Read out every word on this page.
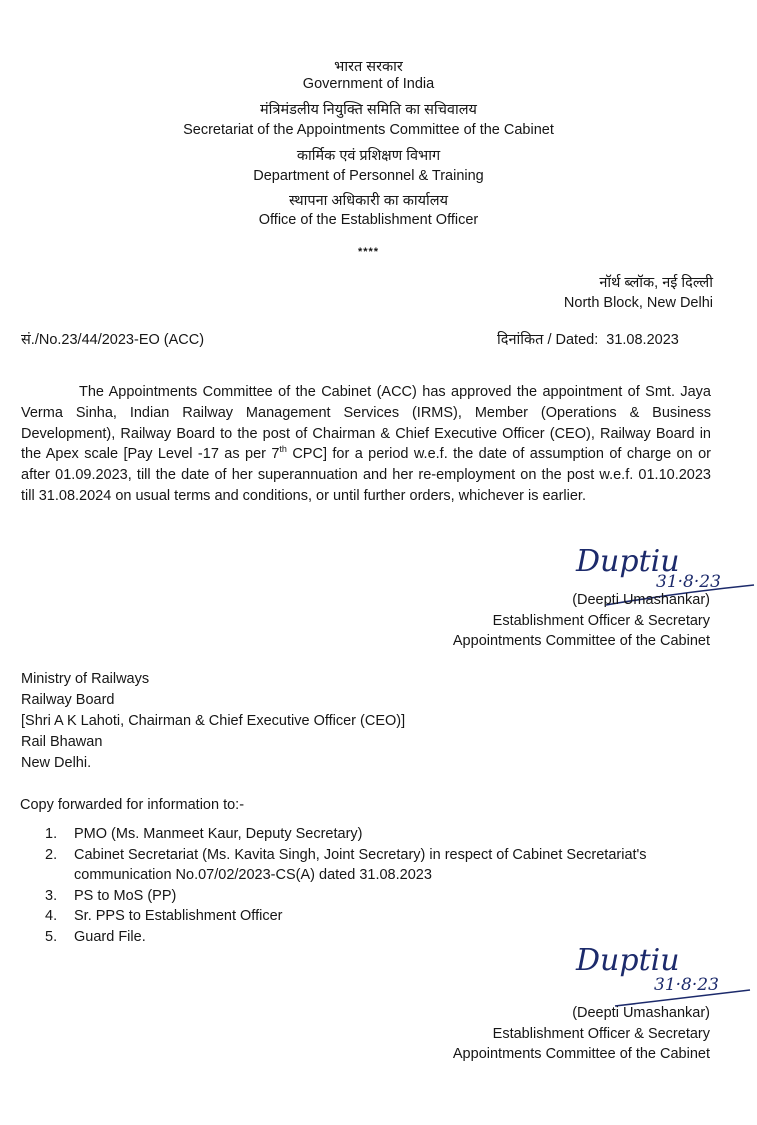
भारत सरकार
Government of India
मंत्रिमंडलीय नियुक्ति समिति का सचिवालय
Secretariat of the Appointments Committee of the Cabinet
कार्मिक एवं प्रशिक्षण विभाग
Department of Personnel & Training
स्थापना अधिकारी का कार्यालय
Office of the Establishment Officer
****
नॉर्थ ब्लॉक, नई दिल्ली
North Block, New Delhi
सं./No.23/44/2023-EO (ACC)	दिनांकित / Dated: 31.08.2023

The Appointments Committee of the Cabinet (ACC) has approved the appointment of Smt. Jaya Verma Sinha, Indian Railway Management Services (IRMS), Member (Operations & Business Development), Railway Board to the post of Chairman & Chief Executive Officer (CEO), Railway Board in the Apex scale [Pay Level -17 as per 7th CPC] for a period w.e.f. the date of assumption of charge on or after 01.09.2023, till the date of her superannuation and her re-employment on the post w.e.f. 01.10.2023 till 31.08.2024 on usual terms and conditions, or until further orders, whichever is earlier.

Duptiu
31·8·23
(Deepti Umashankar)
Establishment Officer & Secretary
Appointments Committee of the Cabinet
Ministry of Railways
Railway Board
[Shri A K Lahoti, Chairman & Chief Executive Officer (CEO)]
Rail Bhawan
New Delhi.
Copy forwarded for information to:-
1. PMO (Ms. Manmeet Kaur, Deputy Secretary)
2. Cabinet Secretariat (Ms. Kavita Singh, Joint Secretary) in respect of Cabinet Secretariat's communication No.07/02/2023-CS(A) dated 31.08.2023
3. PS to MoS (PP)
4. Sr. PPS to Establishment Officer
5. Guard File.
Duptiu
31·8·23
(Deepti Umashankar)
Establishment Officer & Secretary
Appointments Committee of the Cabinet
